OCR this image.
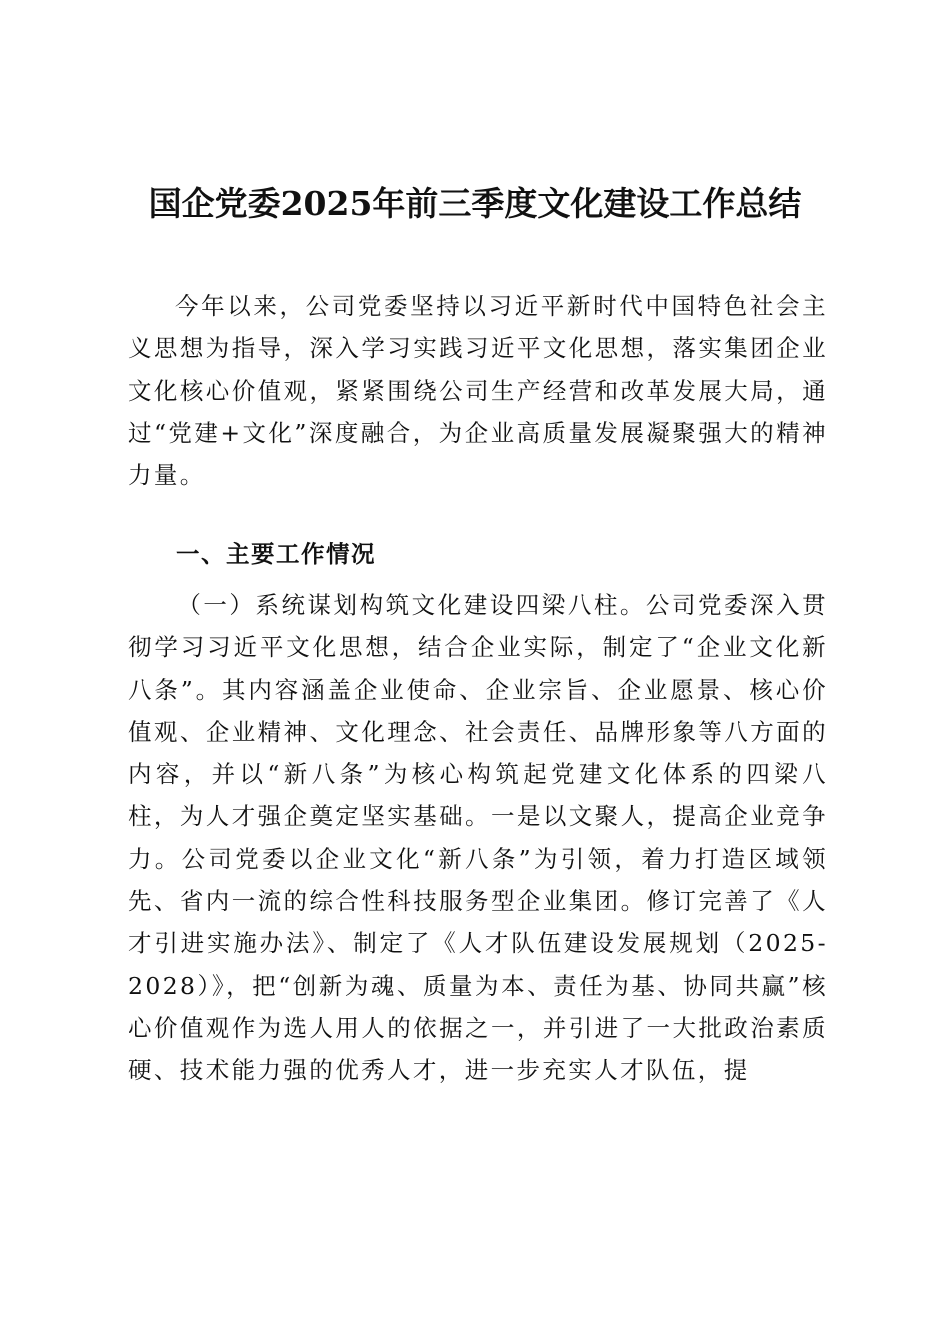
国企党委2025年前三季度文化建设工作总结

今年以来，公司党委坚持以习近平新时代中国特色社会主义思想为指导，深入学习实践习近平文化思想，落实集团企业文化核心价值观，紧紧围绕公司生产经营和改革发展大局，通过“党建+文化”深度融合，为企业高质量发展凝聚强大的精神力量。

一、主要工作情况

（一）系统谋划构筑文化建设四梁八柱。公司党委深入贯彻学习习近平文化思想，结合企业实际，制定了“企业文化新八条”。其内容涵盖企业使命、企业宗旨、企业愿景、核心价值观、企业精神、文化理念、社会责任、品牌形象等八方面的内容，并以“新八条”为核心构筑起党建文化体系的四梁八柱，为人才强企奠定坚实基础。一是以文聚人，提高企业竞争力。公司党委以企业文化“新八条”为引领，着力打造区域领先、省内一流的综合性科技服务型企业集团。修订完善了《人才引进实施办法》、制定了《人才队伍建设发展规划（2025-2028）》，把“创新为魂、质量为本、责任为基、协同共赢”核心价值观作为选人用人的依据之一，并引进了一大批政治素质硬、技术能力强的优秀人才，进一步充实人才队伍，提
